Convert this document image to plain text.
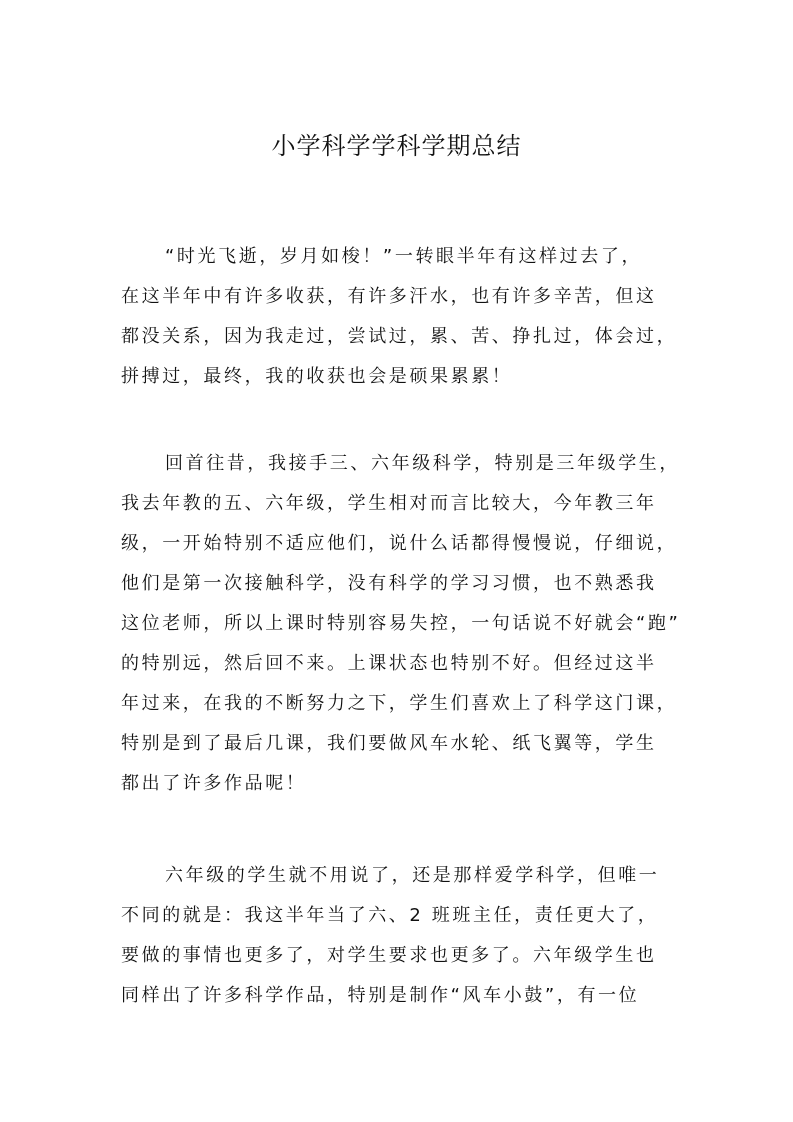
小学科学学科学期总结
“时光飞逝，岁月如梭！”一转眼半年有这样过去了，
在这半年中有许多收获，有许多汗水，也有许多辛苦，但这
都没关系，因为我走过，尝试过，累、苦、挣扎过，体会过，
拼搏过，最终，我的收获也会是硕果累累！
回首往昔，我接手三、六年级科学，特别是三年级学生，
我去年教的五、六年级，学生相对而言比较大，今年教三年
级，一开始特别不适应他们，说什么话都得慢慢说，仔细说，
他们是第一次接触科学，没有科学的学习习惯，也不熟悉我
这位老师，所以上课时特别容易失控，一句话说不好就会“跑”
的特别远，然后回不来。上课状态也特别不好。但经过这半
年过来，在我的不断努力之下，学生们喜欢上了科学这门课，
特别是到了最后几课，我们要做风车水轮、纸飞翼等，学生
都出了许多作品呢！
六年级的学生就不用说了，还是那样爱学科学，但唯一
不同的就是：我这半年当了六、2 班班主任，责任更大了，
要做的事情也更多了，对学生要求也更多了。六年级学生也
同样出了许多科学作品，特别是制作“风车小鼓”，有一位
